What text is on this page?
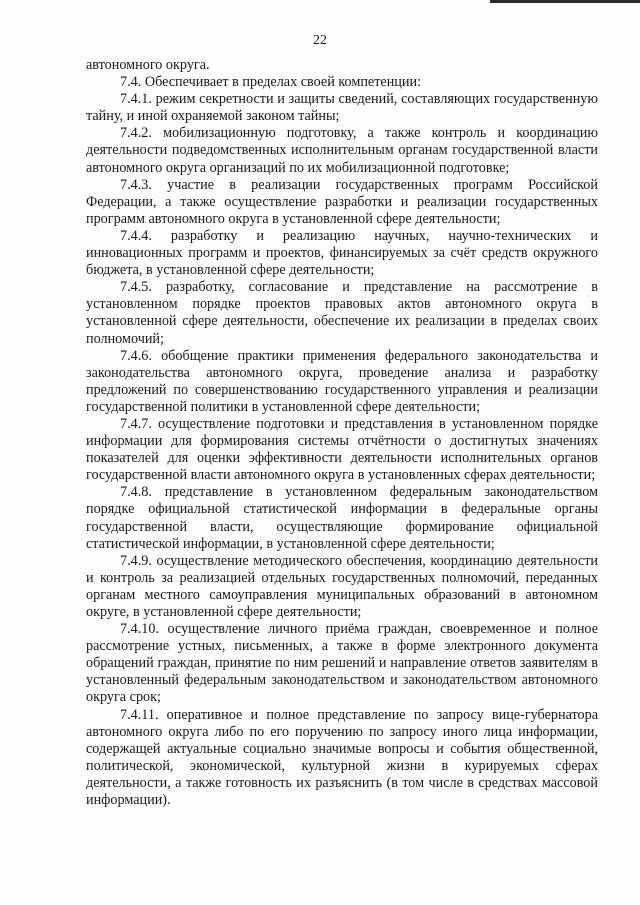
22

автономного округа.

7.4. Обеспечивает в пределах своей компетенции:

7.4.1. режим секретности и защиты сведений, составляющих государственную тайну, и иной охраняемой законом тайны;

7.4.2. мобилизационную подготовку, а также контроль и координацию деятельности подведомственных исполнительным органам государственной власти автономного округа организаций по их мобилизационной подготовке;

7.4.3. участие в реализации государственных программ Российской Федерации, а также осуществление разработки и реализации государственных программ автономного округа в установленной сфере деятельности;

7.4.4. разработку и реализацию научных, научно-технических и инновационных программ и проектов, финансируемых за счёт средств окружного бюджета, в установленной сфере деятельности;

7.4.5. разработку, согласование и представление на рассмотрение в установленном порядке проектов правовых актов автономного округа в установленной сфере деятельности, обеспечение их реализации в пределах своих полномочий;

7.4.6. обобщение практики применения федерального законодательства и законодательства автономного округа, проведение анализа и разработку предложений по совершенствованию государственного управления и реализации государственной политики в установленной сфере деятельности;

7.4.7. осуществление подготовки и представления в установленном порядке информации для формирования системы отчётности о достигнутых значениях показателей для оценки эффективности деятельности исполнительных органов государственной власти автономного округа в установленных сферах деятельности;

7.4.8. представление в установленном федеральным законодательством порядке официальной статистической информации в федеральные органы государственной власти, осуществляющие формирование официальной статистической информации, в установленной сфере деятельности;

7.4.9. осуществление методического обеспечения, координацию деятельности и контроль за реализацией отдельных государственных полномочий, переданных органам местного самоуправления муниципальных образований в автономном округе, в установленной сфере деятельности;

7.4.10. осуществление личного приёма граждан, своевременное и полное рассмотрение устных, письменных, а также в форме электронного документа обращений граждан, принятие по ним решений и направление ответов заявителям в установленный федеральным законодательством и законодательством автономного округа срок;

7.4.11. оперативное и полное представление по запросу вице-губернатора автономного округа либо по его поручению по запросу иного лица информации, содержащей актуальные социально значимые вопросы и события общественной, политической, экономической, культурной жизни в курируемых сферах деятельности, а также готовность их разъяснить (в том числе в средствах массовой информации).
